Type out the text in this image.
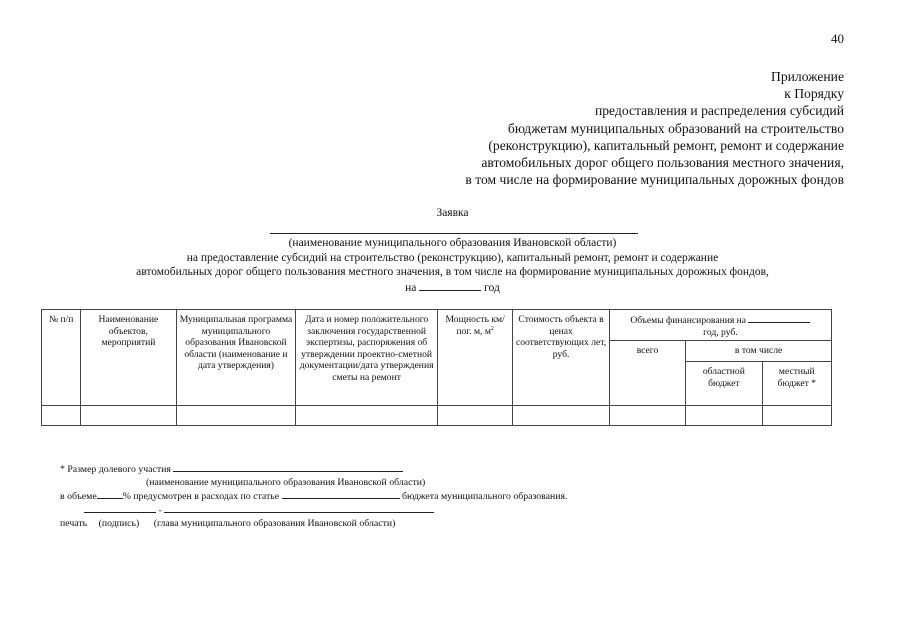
40
Приложение
к Порядку
предоставления и распределения субсидий
бюджетам муниципальных образований на строительство
(реконструкцию), капитальный ремонт, ремонт и содержание
автомобильных дорог общего пользования местного значения,
в том числе на формирование муниципальных дорожных фондов
Заявка
(наименование муниципального образования Ивановской области)
на предоставление субсидий на строительство (реконструкцию), капитальный ремонт, ремонт и содержание
автомобильных дорог общего пользования местного значения, в том числе на формирование муниципальных дорожных фондов,
на	год
№ п/п	Наименование объектов, мероприятий	Муниципальная программа муниципального образования Ивановской области (наименование и дата утверждения)	Дата и номер положительного заключения государственной экспертизы, распоряжения об утверждении проектно-сметной документации/дата утверждения сметы на ремонт	Мощность км/пог. м, $м^2$	Стоимость объекта в ценах соответствующих лет, руб.	Объемы финансирования на
год, руб.		
						всего	в том числе	
							областной бюджет	местный бюджет *

* Размер долевого участия
(наименование муниципального образования Ивановской области)
в объеме	% предусмотрен в расходах по статье	бюджета муниципального образования.
-
печать (подпись) (глава муниципального образования Ивановской области)
